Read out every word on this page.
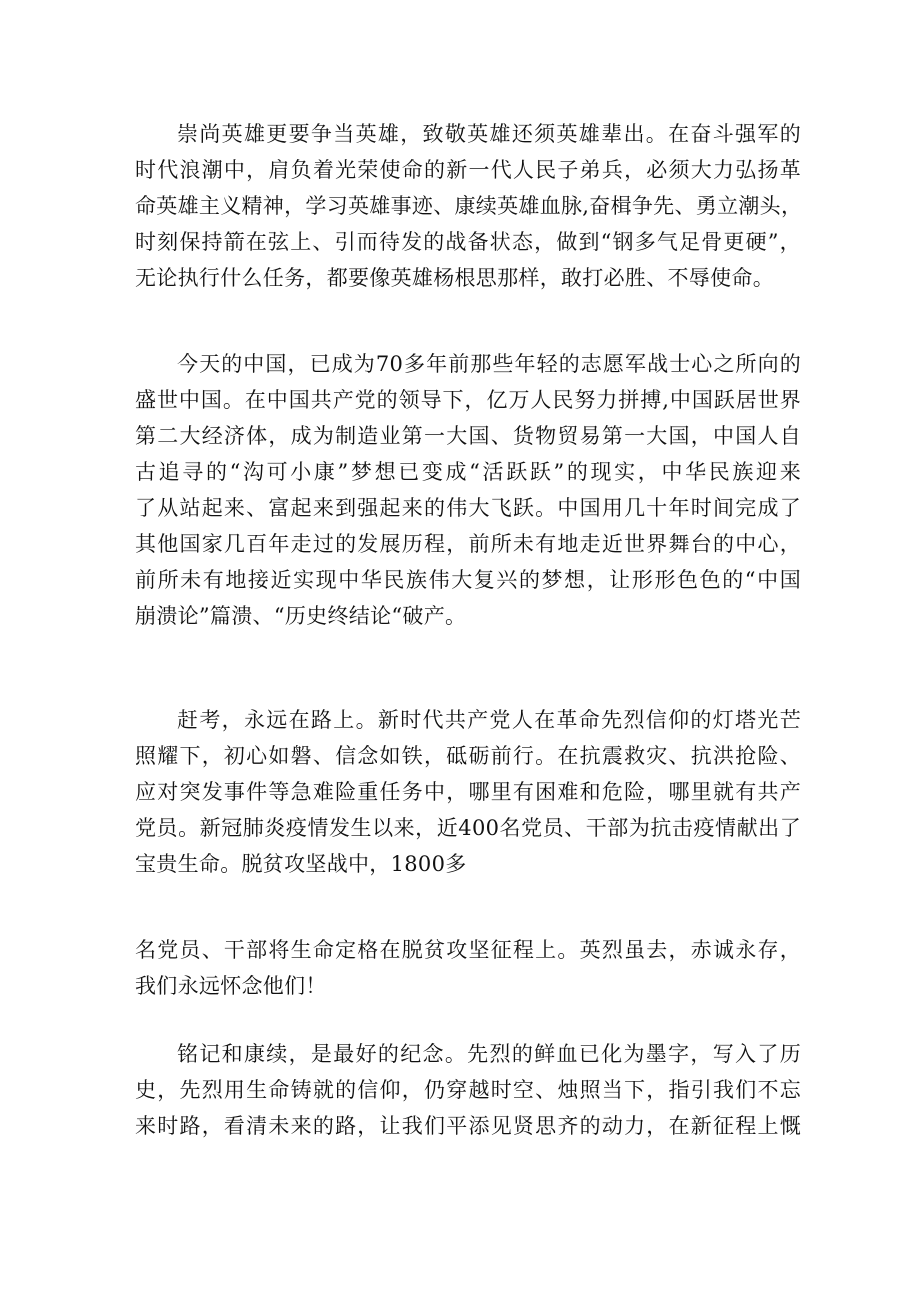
崇尚英雄更要争当英雄，致敬英雄还须英雄辈出。在奋斗强军的
时代浪潮中，肩负着光荣使命的新一代人民子弟兵，必须大力弘扬革
命英雄主义精神，学习英雄事迹、康续英雄血脉,奋楫争先、勇立潮头，
时刻保持箭在弦上、引而待发的战备状态，做到“钢多气足骨更硬”，
无论执行什么任务，都要像英雄杨根思那样，敢打必胜、不辱使命。
今天的中国，已成为70多年前那些年轻的志愿军战士心之所向的
盛世中国。在中国共产党的领导下，亿万人民努力拼搏,中国跃居世界
第二大经济体，成为制造业第一大国、货物贸易第一大国，中国人自
古追寻的“沟可小康”梦想已变成“活跃跃”的现实，中华民族迎来
了从站起来、富起来到强起来的伟大飞跃。中国用几十年时间完成了
其他国家几百年走过的发展历程，前所未有地走近世界舞台的中心，
前所未有地接近实现中华民族伟大复兴的梦想，让形形色色的“中国
崩溃论”篇溃、“历史终结论“破产。
赶考，永远在路上。新时代共产党人在革命先烈信仰的灯塔光芒
照耀下，初心如磐、信念如铁，砥砺前行。在抗震救灾、抗洪抢险、
应对突发事件等急难险重任务中，哪里有困难和危险，哪里就有共产
党员。新冠肺炎疫情发生以来，近400名党员、干部为抗击疫情献出了
宝贵生命。脱贫攻坚战中，1800多
名党员、干部将生命定格在脱贫攻坚征程上。英烈虽去，赤诚永存，
我们永远怀念他们！
铭记和康续，是最好的纪念。先烈的鲜血已化为墨字，写入了历
史，先烈用生命铸就的信仰，仍穿越时空、烛照当下，指引我们不忘
来时路，看清未来的路，让我们平添见贤思齐的动力，在新征程上慨
